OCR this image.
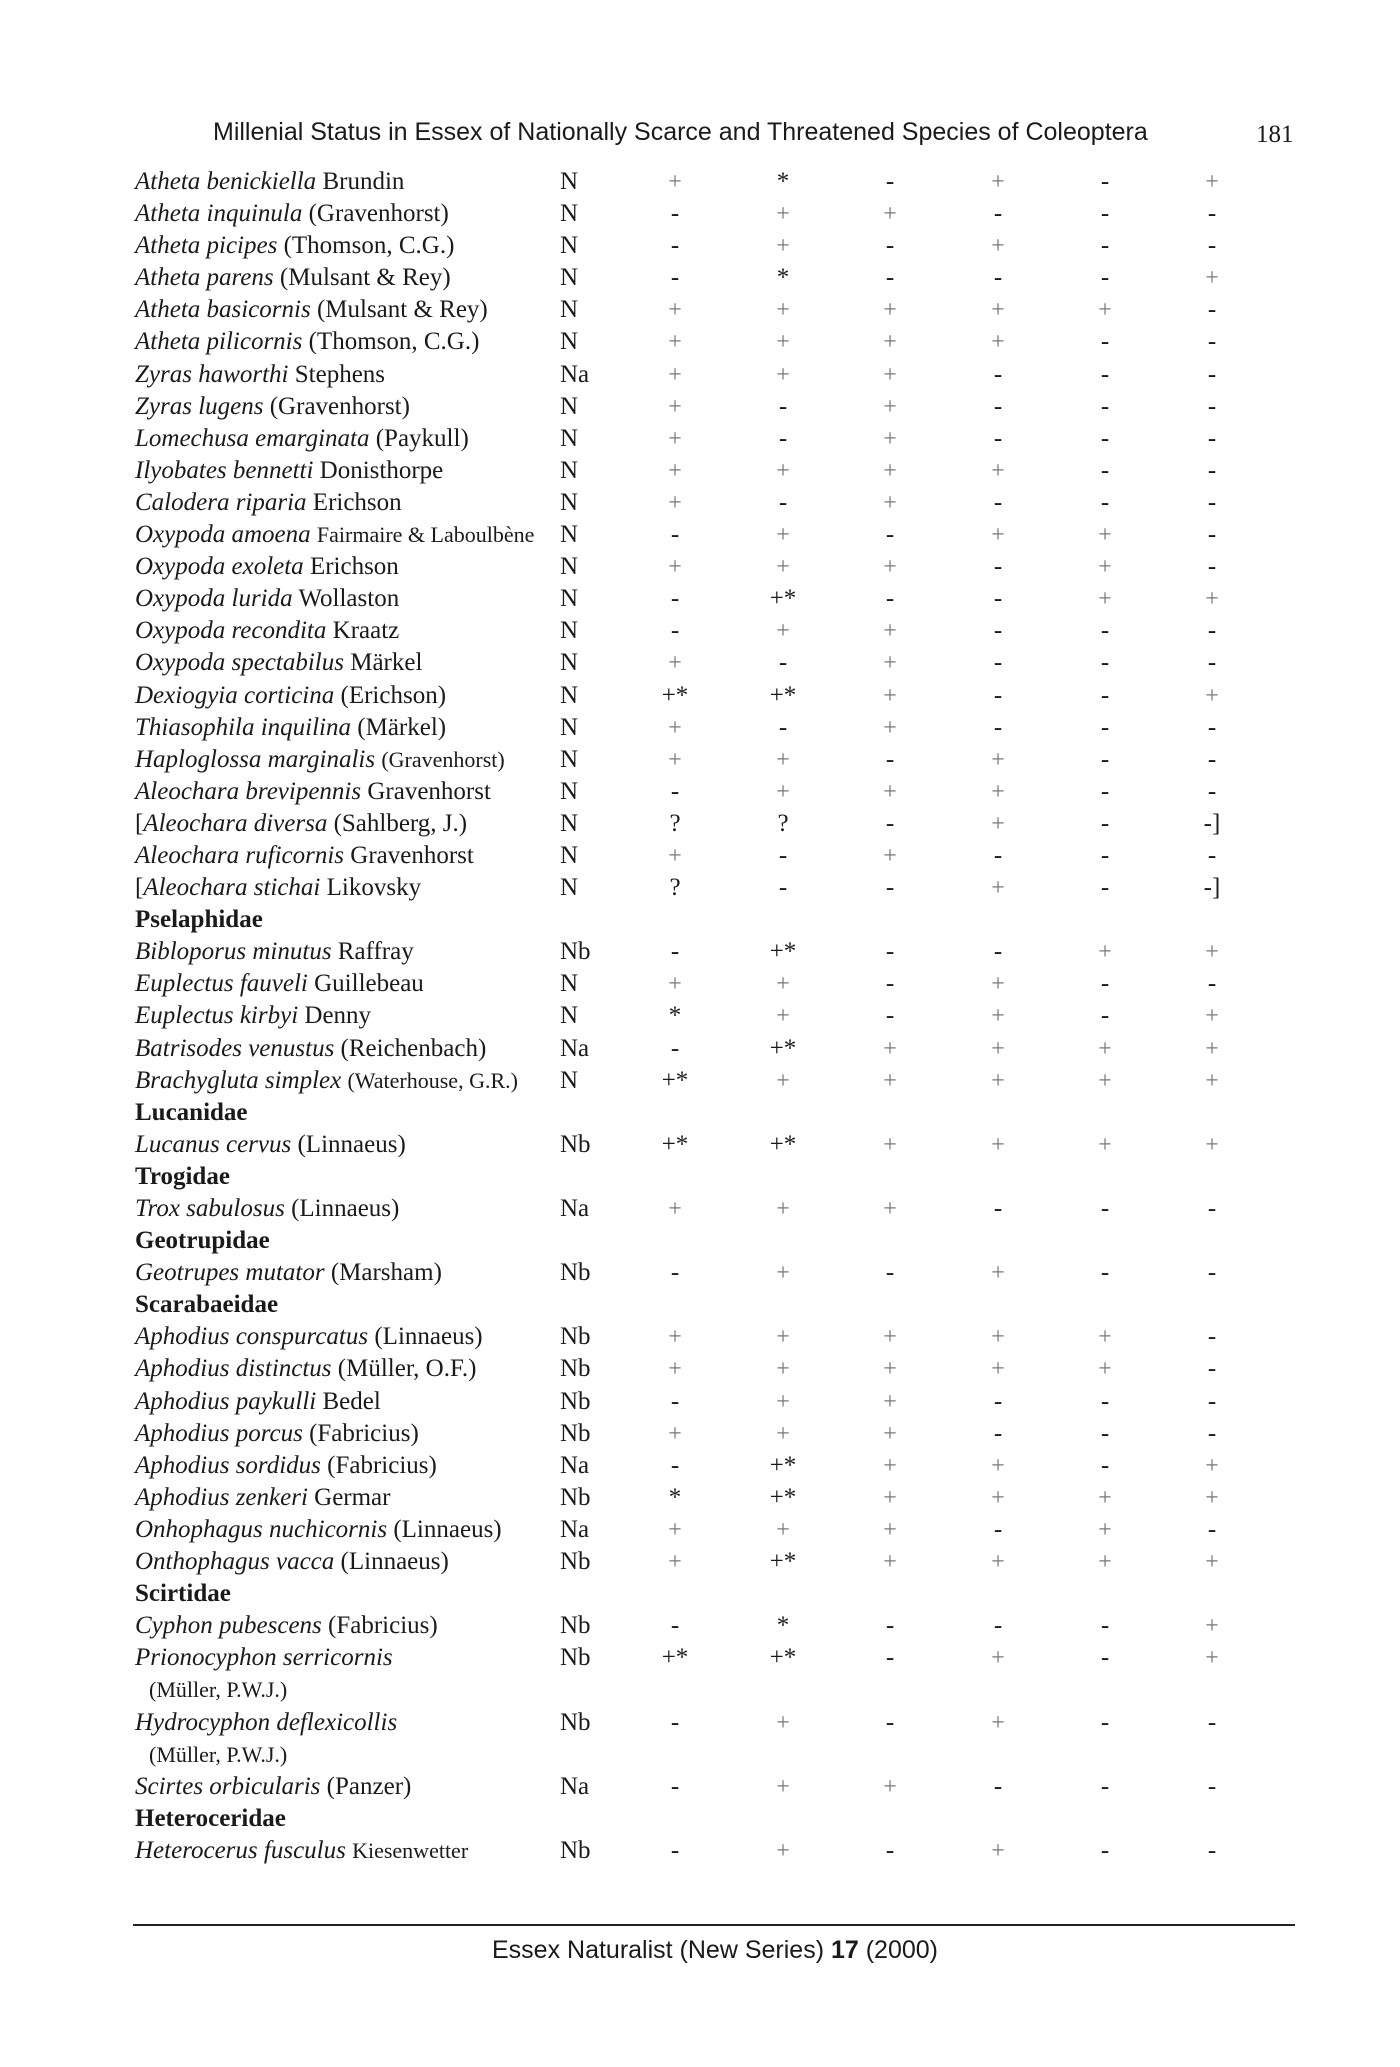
Millenial Status in Essex of Nationally Scarce and Threatened Species of Coleoptera	181
Atheta benickiella Brundin	N	+	*	-	+	-	+
Atheta inquinula (Gravenhorst)	N	-	+	+	-	-	-
Atheta picipes (Thomson, C.G.)	N	-	+	-	+	-	-
Atheta parens (Mulsant & Rey)	N	-	*	-	-	-	+
Atheta basicornis (Mulsant & Rey)	N	+	+	+	+	+	-
Atheta pilicornis (Thomson, C.G.)	N	+	+	+	+	-	-
Zyras haworthi Stephens	Na	+	+	+	-	-	-
Zyras lugens (Gravenhorst)	N	+	-	+	-	-	-
Lomechusa emarginata (Paykull)	N	+	-	+	-	-	-
Ilyobates bennetti Donisthorpe	N	+	+	+	+	-	-
Calodera riparia Erichson	N	+	-	+	-	-	-
Oxypoda amoena Fairmaire & Laboulbène N	-	+	-	+	+	-
Oxypoda exoleta Erichson	N	+	+	+	-	+	-
Oxypoda lurida Wollaston	N	-	+*	-	-	+	+
Oxypoda recondita Kraatz	N	-	+	+	-	-	-
Oxypoda spectabilus Märkel	N	+	-	+	-	-	-
Dexiogyia corticina (Erichson)	N	+*	+*	+	-	-	+
Thiasophila inquilina (Märkel)	N	+	-	+	-	-	-
Haploglossa marginalis (Gravenhorst) N	+	+	-	+	-	-
Aleochara brevipennis Gravenhorst	N	-	+	+	+	-	-
[Aleochara diversa (Sahlberg, J.)	N	?	?	-	+	-	-]
Aleochara ruficornis Gravenhorst	N	+	-	+	-	-	-
[Aleochara stichai Likovsky	N	?	-	-	+	-	-]
Pselaphidae
Bibloporus minutus Raffray	Nb	-	+*	-	-	+	+
Euplectus fauveli Guillebeau	N	+	+	-	+	-	-
Euplectus kirbyi Denny	N	*	+	-	+	-	+
Batrisodes venustus (Reichenbach)	Na	-	+*	+	+	+	+
Brachygluta simplex (Waterhouse, G.R.) N	+*	+	+	+	+	+
Lucanidae
Lucanus cervus (Linnaeus)	Nb	+*	+*	+	+	+	+
Trogidae
Trox sabulosus (Linnaeus)	Na	+	+	+	-	-	-
Geotrupidae
Geotrupes mutator (Marsham)	Nb	-	+	-	+	-	-
Scarabaeidae
Aphodius conspurcatus (Linnaeus)	Nb	+	+	+	+	+	-
Aphodius distinctus (Müller, O.F.)	Nb	+	+	+	+	+	-
Aphodius paykulli Bedel	Nb	-	+	+	-	-	-
Aphodius porcus (Fabricius)	Nb	+	+	+	-	-	-
Aphodius sordidus (Fabricius)	Na	-	+*	+	+	-	+
Aphodius zenkeri Germar	Nb	*	+*	+	+	+	+
Onhophagus nuchicornis (Linnaeus) Na	+	+	+	-	+	-
Onthophagus vacca (Linnaeus)	Nb	+	+*	+	+	+	+
Scirtidae
Cyphon pubescens (Fabricius)	Nb	-	*	-	-	-	+
Prionocyphon serricornis
(Müller, P.W.J.)
Nb	+*	+*	-	+	-	+
Hydrocyphon deflexicollis
(Müller, P.W.J.)
Nb	-	+	-	+	-	-
Scirtes orbicularis (Panzer)	Na	-	+	+	-	-	-
Heteroceridae
Heterocerus fusculus Kiesenwetter	Nb	-	+	-	+	-	-
Essex Naturalist (New Series) 17 (2000)
